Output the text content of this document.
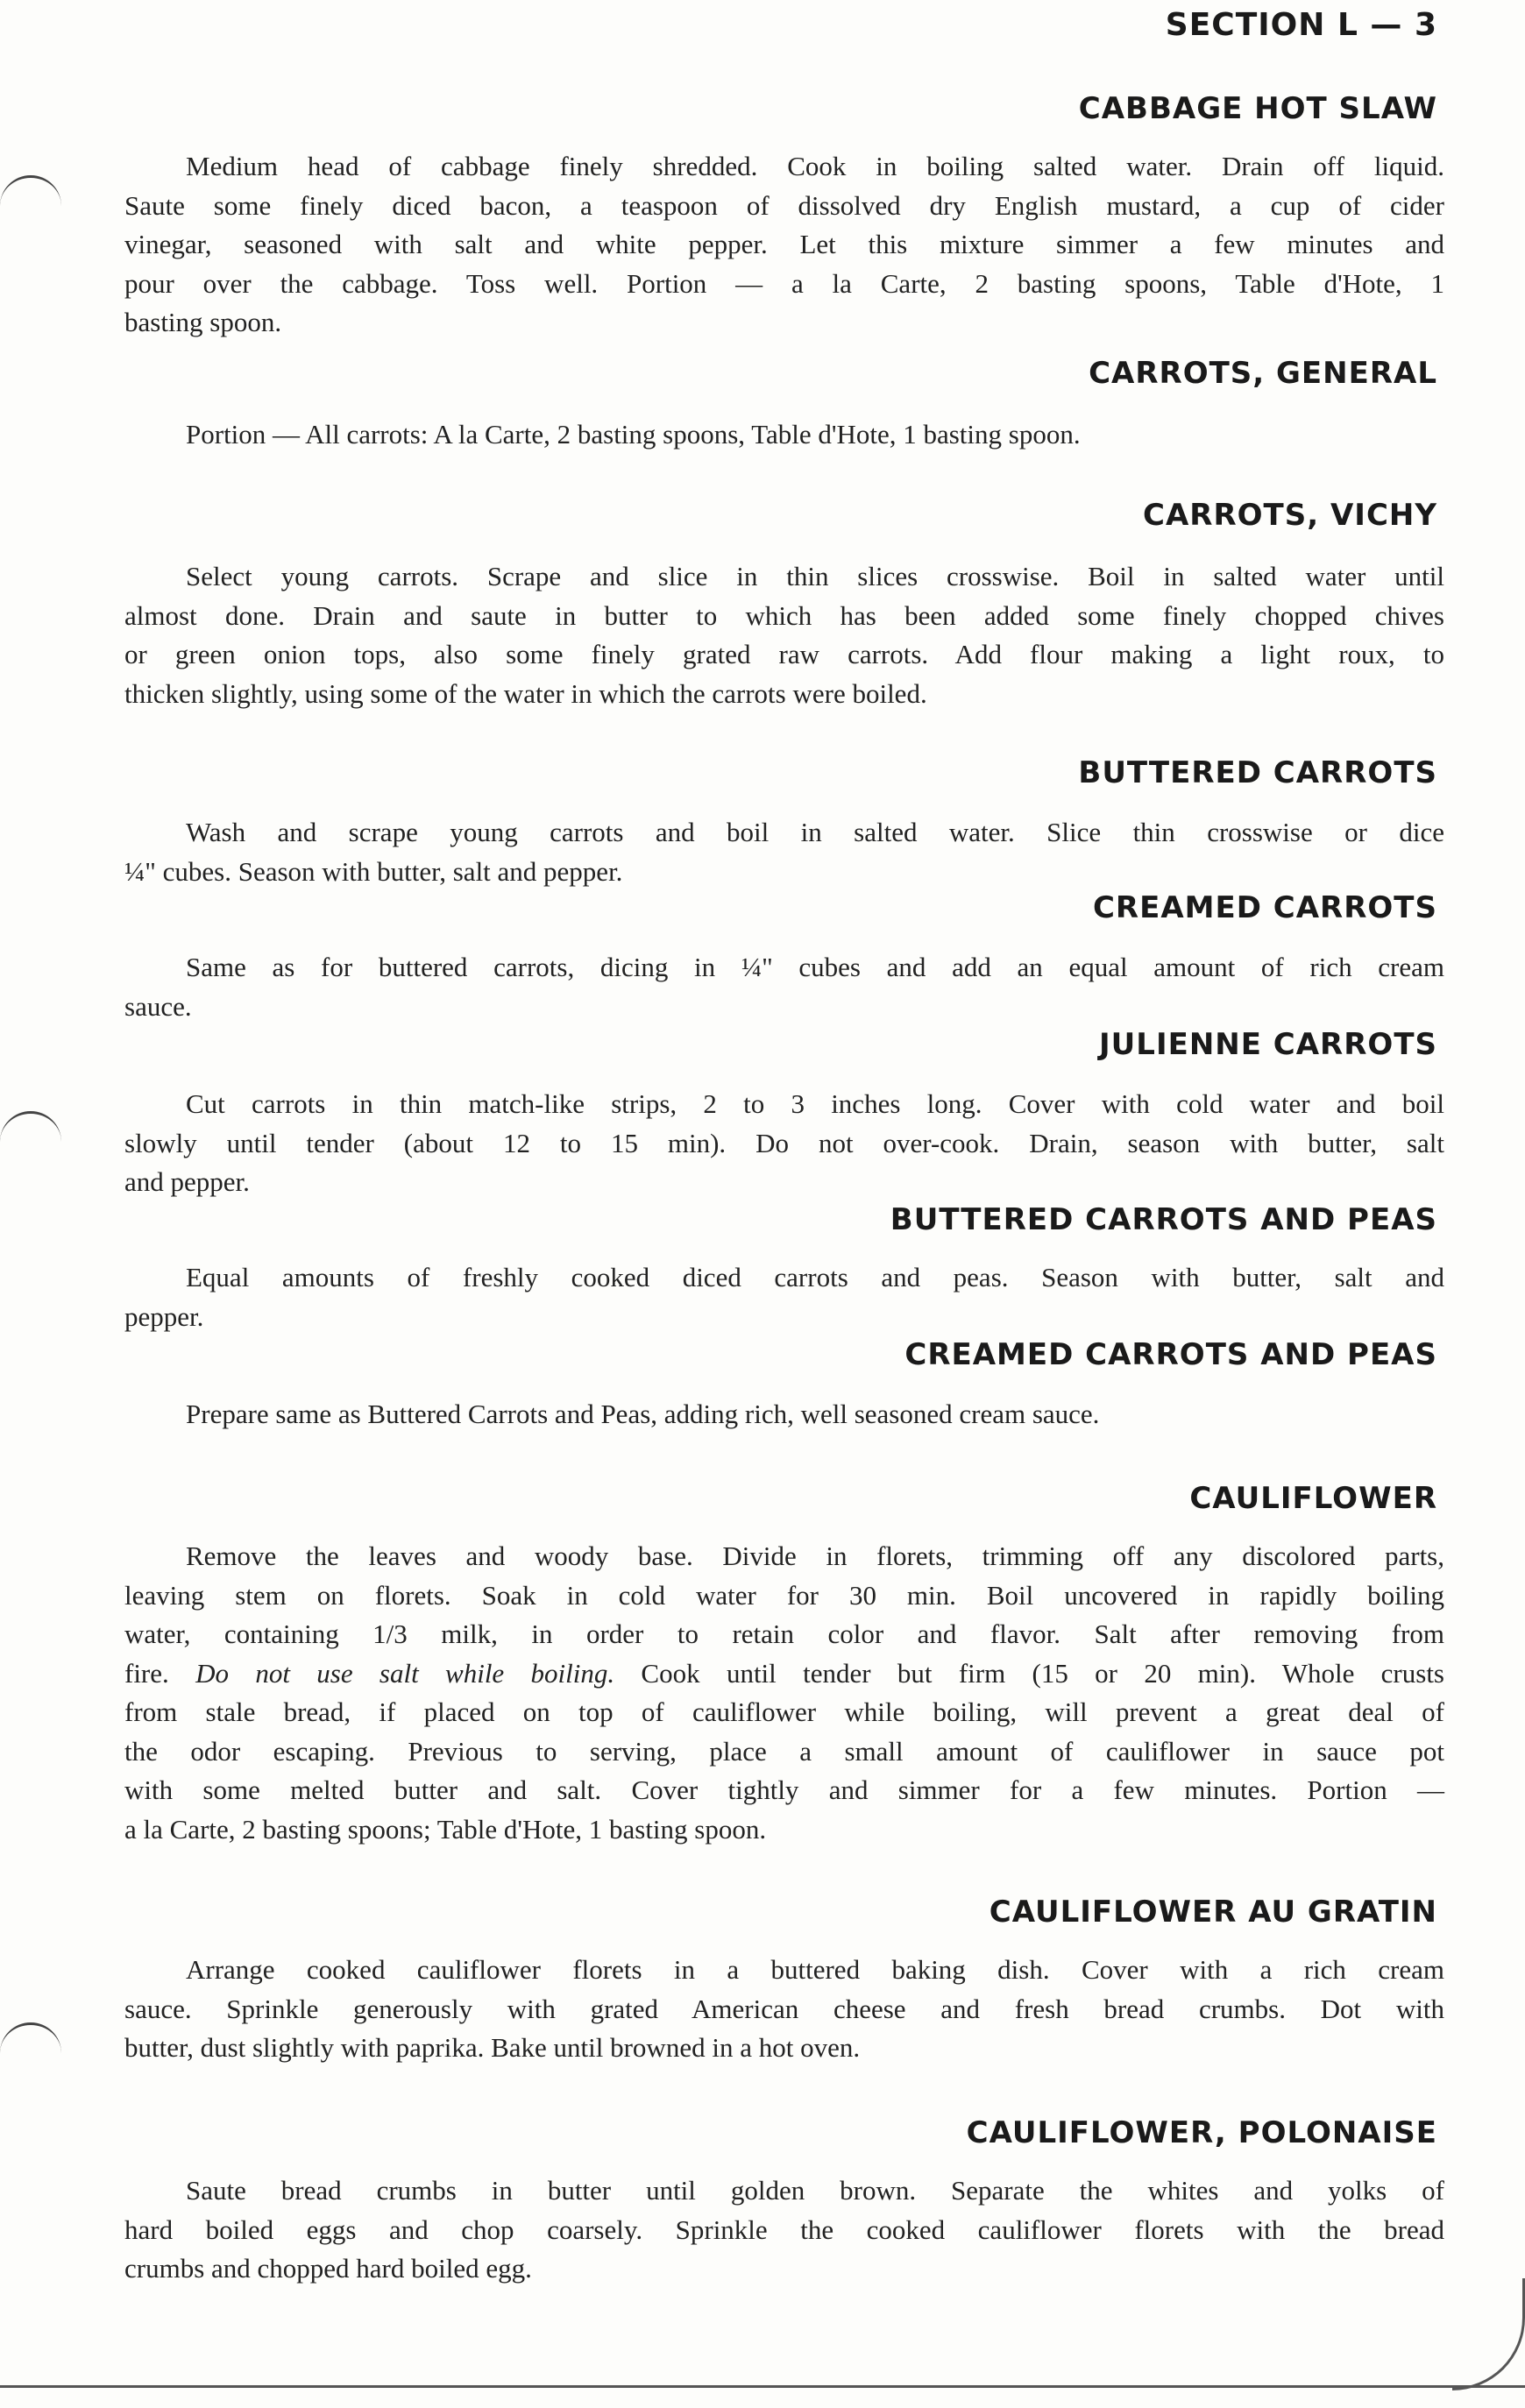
SECTION L — 3
CABBAGE HOT SLAW
Medium head of cabbage finely shredded. Cook in boiling salted water. Drain off liquid.
Saute some finely diced bacon, a teaspoon of dissolved dry English mustard, a cup of cider
vinegar, seasoned with salt and white pepper. Let this mixture simmer a few minutes and
pour over the cabbage. Toss well. Portion — a la Carte, 2 basting spoons, Table d'Hote, 1
basting spoon.
CARROTS, GENERAL
Portion — All carrots: A la Carte, 2 basting spoons, Table d'Hote, 1 basting spoon.
CARROTS, VICHY
Select young carrots. Scrape and slice in thin slices crosswise. Boil in salted water until
almost done. Drain and saute in butter to which has been added some finely chopped chives
or green onion tops, also some finely grated raw carrots. Add flour making a light roux, to
thicken slightly, using some of the water in which the carrots were boiled.
BUTTERED CARROTS
Wash and scrape young carrots and boil in salted water. Slice thin crosswise or dice
¼" cubes. Season with butter, salt and pepper.
CREAMED CARROTS
Same as for buttered carrots, dicing in ¼" cubes and add an equal amount of rich cream
sauce.
JULIENNE CARROTS
Cut carrots in thin match-like strips, 2 to 3 inches long. Cover with cold water and boil
slowly until tender (about 12 to 15 min). Do not over-cook. Drain, season with butter, salt
and pepper.
BUTTERED CARROTS AND PEAS
Equal amounts of freshly cooked diced carrots and peas. Season with butter, salt and
pepper.
CREAMED CARROTS AND PEAS
Prepare same as Buttered Carrots and Peas, adding rich, well seasoned cream sauce.
CAULIFLOWER
Remove the leaves and woody base. Divide in florets, trimming off any discolored parts,
leaving stem on florets. Soak in cold water for 30 min. Boil uncovered in rapidly boiling
water, containing 1/3 milk, in order to retain color and flavor. Salt after removing from
fire. Do not use salt while boiling. Cook until tender but firm (15 or 20 min). Whole crusts
from stale bread, if placed on top of cauliflower while boiling, will prevent a great deal of
the odor escaping. Previous to serving, place a small amount of cauliflower in sauce pot
with some melted butter and salt. Cover tightly and simmer for a few minutes. Portion —
a la Carte, 2 basting spoons; Table d'Hote, 1 basting spoon.
CAULIFLOWER AU GRATIN
Arrange cooked cauliflower florets in a buttered baking dish. Cover with a rich cream
sauce. Sprinkle generously with grated American cheese and fresh bread crumbs. Dot with
butter, dust slightly with paprika. Bake until browned in a hot oven.
CAULIFLOWER, POLONAISE
Saute bread crumbs in butter until golden brown. Separate the whites and yolks of
hard boiled eggs and chop coarsely. Sprinkle the cooked cauliflower florets with the bread
crumbs and chopped hard boiled egg.
